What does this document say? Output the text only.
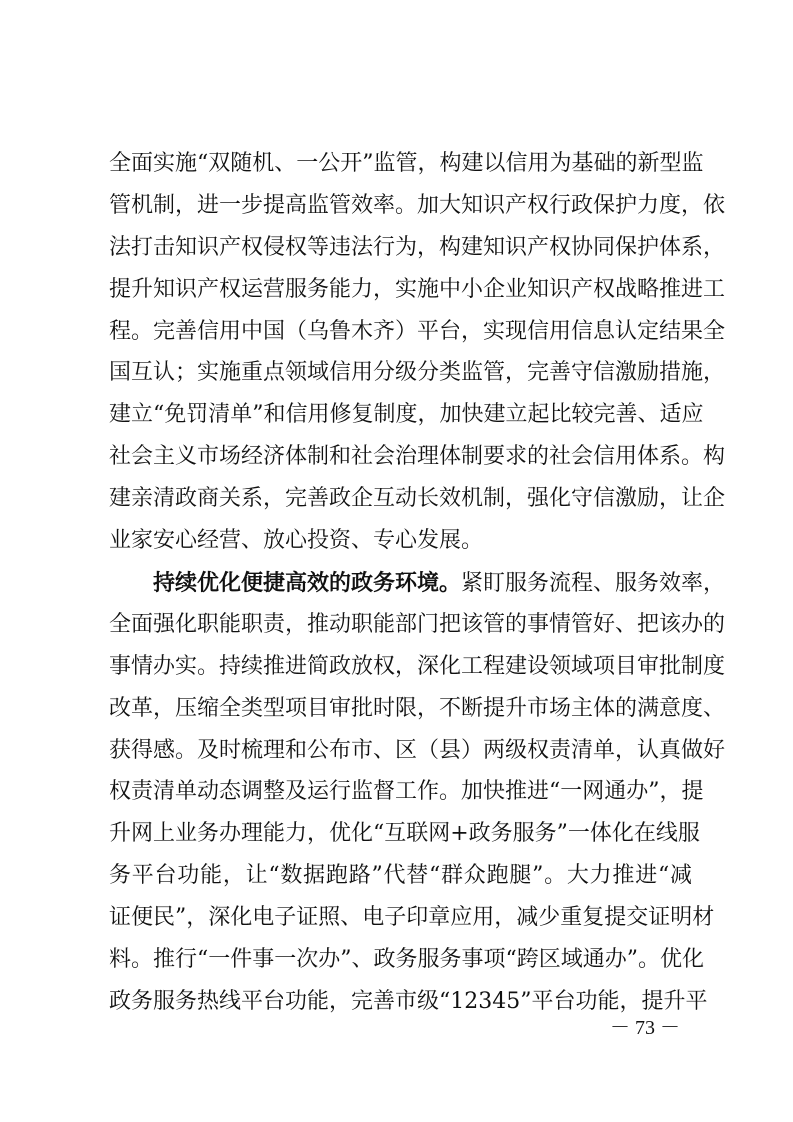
全面实施“双随机、一公开”监管，构建以信用为基础的新型监
管机制，进一步提高监管效率。加大知识产权行政保护力度，依
法打击知识产权侵权等违法行为，构建知识产权协同保护体系，
提升知识产权运营服务能力，实施中小企业知识产权战略推进工
程。完善信用中国（乌鲁木齐）平台，实现信用信息认定结果全
国互认；实施重点领域信用分级分类监管，完善守信激励措施，
建立“免罚清单”和信用修复制度，加快建立起比较完善、适应
社会主义市场经济体制和社会治理体制要求的社会信用体系。构
建亲清政商关系，完善政企互动长效机制，强化守信激励，让企
业家安心经营、放心投资、专心发展。
持续优化便捷高效的政务环境。紧盯服务流程、服务效率，
全面强化职能职责，推动职能部门把该管的事情管好、把该办的
事情办实。持续推进简政放权，深化工程建设领域项目审批制度
改革，压缩全类型项目审批时限，不断提升市场主体的满意度、
获得感。及时梳理和公布市、区（县）两级权责清单，认真做好
权责清单动态调整及运行监督工作。加快推进“一网通办”，提
升网上业务办理能力，优化“互联网+政务服务”一体化在线服
务平台功能，让“数据跑路”代替“群众跑腿”。大力推进“减
证便民”，深化电子证照、电子印章应用，减少重复提交证明材
料。推行“一件事一次办”、政务服务事项“跨区域通办”。优化
政务服务热线平台功能，完善市级“12345”平台功能，提升平
－ 73 －
